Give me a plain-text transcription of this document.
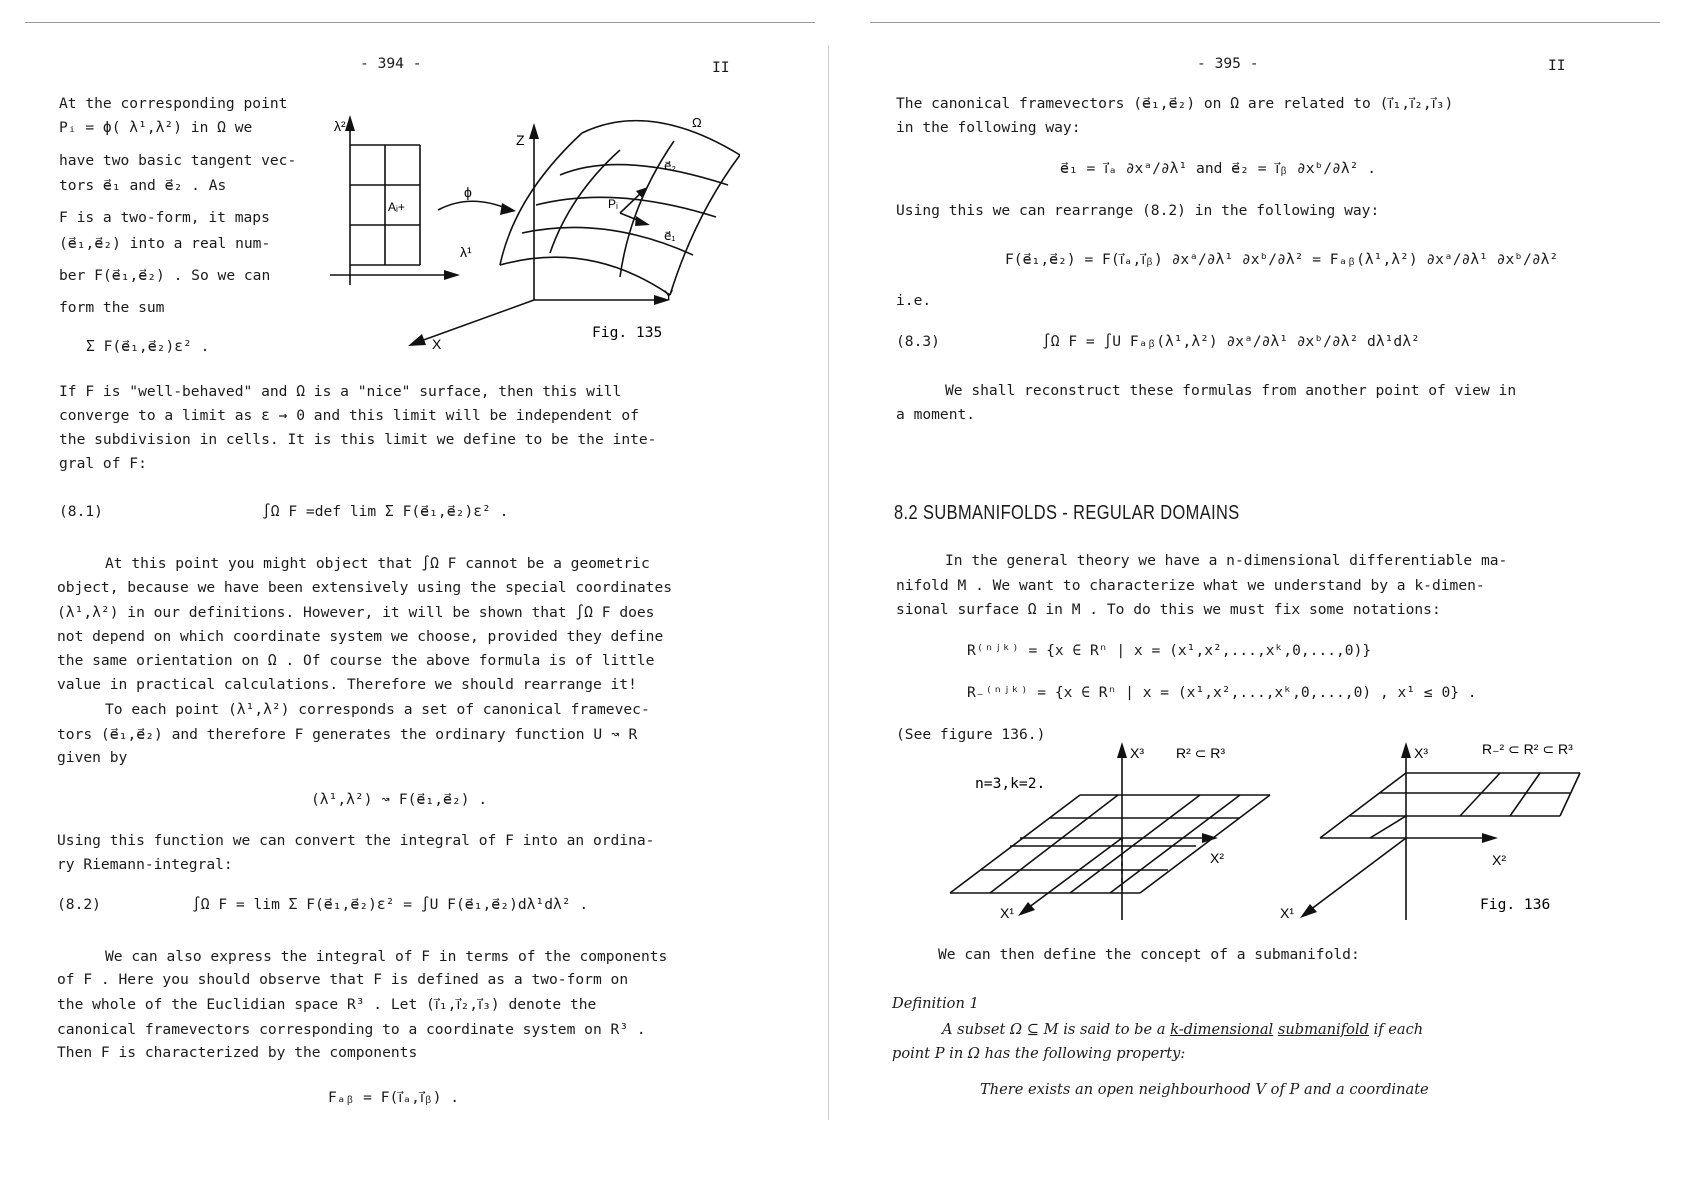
- 394 -	II
At the corresponding point
Pᵢ = ϕ( λ¹,λ²) in Ω we
have two basic tangent vec-
tors e⃗₁ and e⃗₂ . As
F is a two-form, it maps
(e⃗₁,e⃗₂) into a real num-
ber F(e⃗₁,e⃗₂) . So we can
form the sum
Σ F(e⃗₁,e⃗₂)ε² .
λ²
λ¹
Aᵢ+
ϕ
Z
Y
X
Ω
Pᵢ
e⃗₂
e⃗₁
Fig. 135
If F is "well-behaved" and Ω is a "nice" surface, then this will
converge to a limit as ε → 0 and this limit will be independent of
the subdivision in cells. It is this limit we define to be the inte-
gral of F:
(8.1)	∫Ω F =def lim Σ F(e⃗₁,e⃗₂)ε² .
At this point you might object that ∫Ω F cannot be a geometric
object, because we have been extensively using the special coordinates
(λ¹,λ²) in our definitions. However, it will be shown that ∫Ω F does
not depend on which coordinate system we choose, provided they define
the same orientation on Ω . Of course the above formula is of little
value in practical calculations. Therefore we should rearrange it!
To each point (λ¹,λ²) corresponds a set of canonical framevec-
tors (e⃗₁,e⃗₂) and therefore F generates the ordinary function U ↝ R
given by
(λ¹,λ²) ↝ F(e⃗₁,e⃗₂) .
Using this function we can convert the integral of F into an ordina-
ry Riemann-integral:
(8.2)	∫Ω F = lim Σ F(e⃗₁,e⃗₂)ε² = ∫U F(e⃗₁,e⃗₂)dλ¹dλ² .
We can also express the integral of F in terms of the components
of F . Here you should observe that F is defined as a two-form on
the whole of the Euclidian space R³ . Let (i⃗₁,i⃗₂,i⃗₃) denote the
canonical framevectors corresponding to a coordinate system on R³ .
Then F is characterized by the components
Fₐᵦ = F(i⃗ₐ,i⃗ᵦ) .
- 395 -	II
The canonical framevectors (e⃗₁,e⃗₂) on Ω are related to (i⃗₁,i⃗₂,i⃗₃)
in the following way:
e⃗₁ = i⃗ₐ ∂xᵃ/∂λ¹ and e⃗₂ = i⃗ᵦ ∂xᵇ/∂λ² .
Using this we can rearrange (8.2) in the following way:
F(e⃗₁,e⃗₂) = F(i⃗ₐ,i⃗ᵦ) ∂xᵃ/∂λ¹ ∂xᵇ/∂λ² = Fₐᵦ(λ¹,λ²) ∂xᵃ/∂λ¹ ∂xᵇ/∂λ²
i.e.
(8.3)	∫Ω F = ∫U Fₐᵦ(λ¹,λ²) ∂xᵃ/∂λ¹ ∂xᵇ/∂λ² dλ¹dλ²
We shall reconstruct these formulas from another point of view in
a moment.
8.2 SUBMANIFOLDS - REGULAR DOMAINS
In the general theory we have a n-dimensional differentiable ma-
nifold M . We want to characterize what we understand by a k-dimen-
sional surface Ω in M . To do this we must fix some notations:
R⁽ⁿʲᵏ⁾ = {x ∈ Rⁿ | x = (x¹,x²,...,xᵏ,0,...,0)}
R₋⁽ⁿʲᵏ⁾ = {x ∈ Rⁿ | x = (x¹,x²,...,xᵏ,0,...,0) , x¹ ≤ 0} .
(See figure 136.)
n=3,k=2.
X³ R² ⊂ R³
X²
X¹
X³	R₋² ⊂ R² ⊂ R³
X²
X¹	Fig. 136
We can then define the concept of a submanifold:
Definition 1
A subset Ω ⊆ M is said to be a k-dimensional submanifold if each
point P in Ω has the following property:
There exists an open neighbourhood V of P and a coordinate
